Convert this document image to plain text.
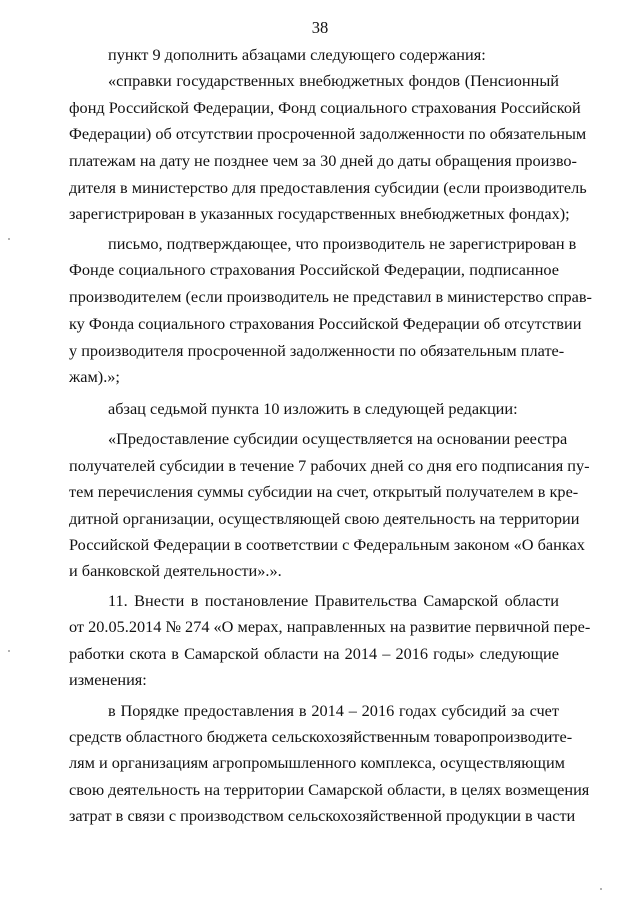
38
пункт 9 дополнить абзацами следующего содержания:
«справки государственных внебюджетных фондов (Пенсионный
фонд Российской Федерации, Фонд социального страхования Российской
Федерации) об отсутствии просроченной задолженности по обязательным
платежам на дату не позднее чем за 30 дней до даты обращения произво-
дителя в министерство для предоставления субсидии (если производитель
зарегистрирован в указанных государственных внебюджетных фондах);
письмо, подтверждающее, что производитель не зарегистрирован в
Фонде социального страхования Российской Федерации, подписанное
производителем (если производитель не представил в министерство справ-
ку Фонда социального страхования Российской Федерации об отсутствии
у производителя просроченной задолженности по обязательным плате-
жам).»;
абзац седьмой пункта 10 изложить в следующей редакции:
«Предоставление субсидии осуществляется на основании реестра
получателей субсидии в течение 7 рабочих дней со дня его подписания пу-
тем перечисления суммы субсидии на счет, открытый получателем в кре-
дитной организации, осуществляющей свою деятельность на территории
Российской Федерации в соответствии с Федеральным законом «О банках
и банковской деятельности».».
11. Внести в постановление Правительства Самарской области
от 20.05.2014 № 274 «О мерах, направленных на развитие первичной пере-
работки скота в Самарской области на 2014 – 2016 годы» следующие
изменения:
в Порядке предоставления в 2014 – 2016 годах субсидий за счет
средств областного бюджета сельскохозяйственным товаропроизводите-
лям и организациям агропромышленного комплекса, осуществляющим
свою деятельность на территории Самарской области, в целях возмещения
затрат в связи с производством сельскохозяйственной продукции в части
